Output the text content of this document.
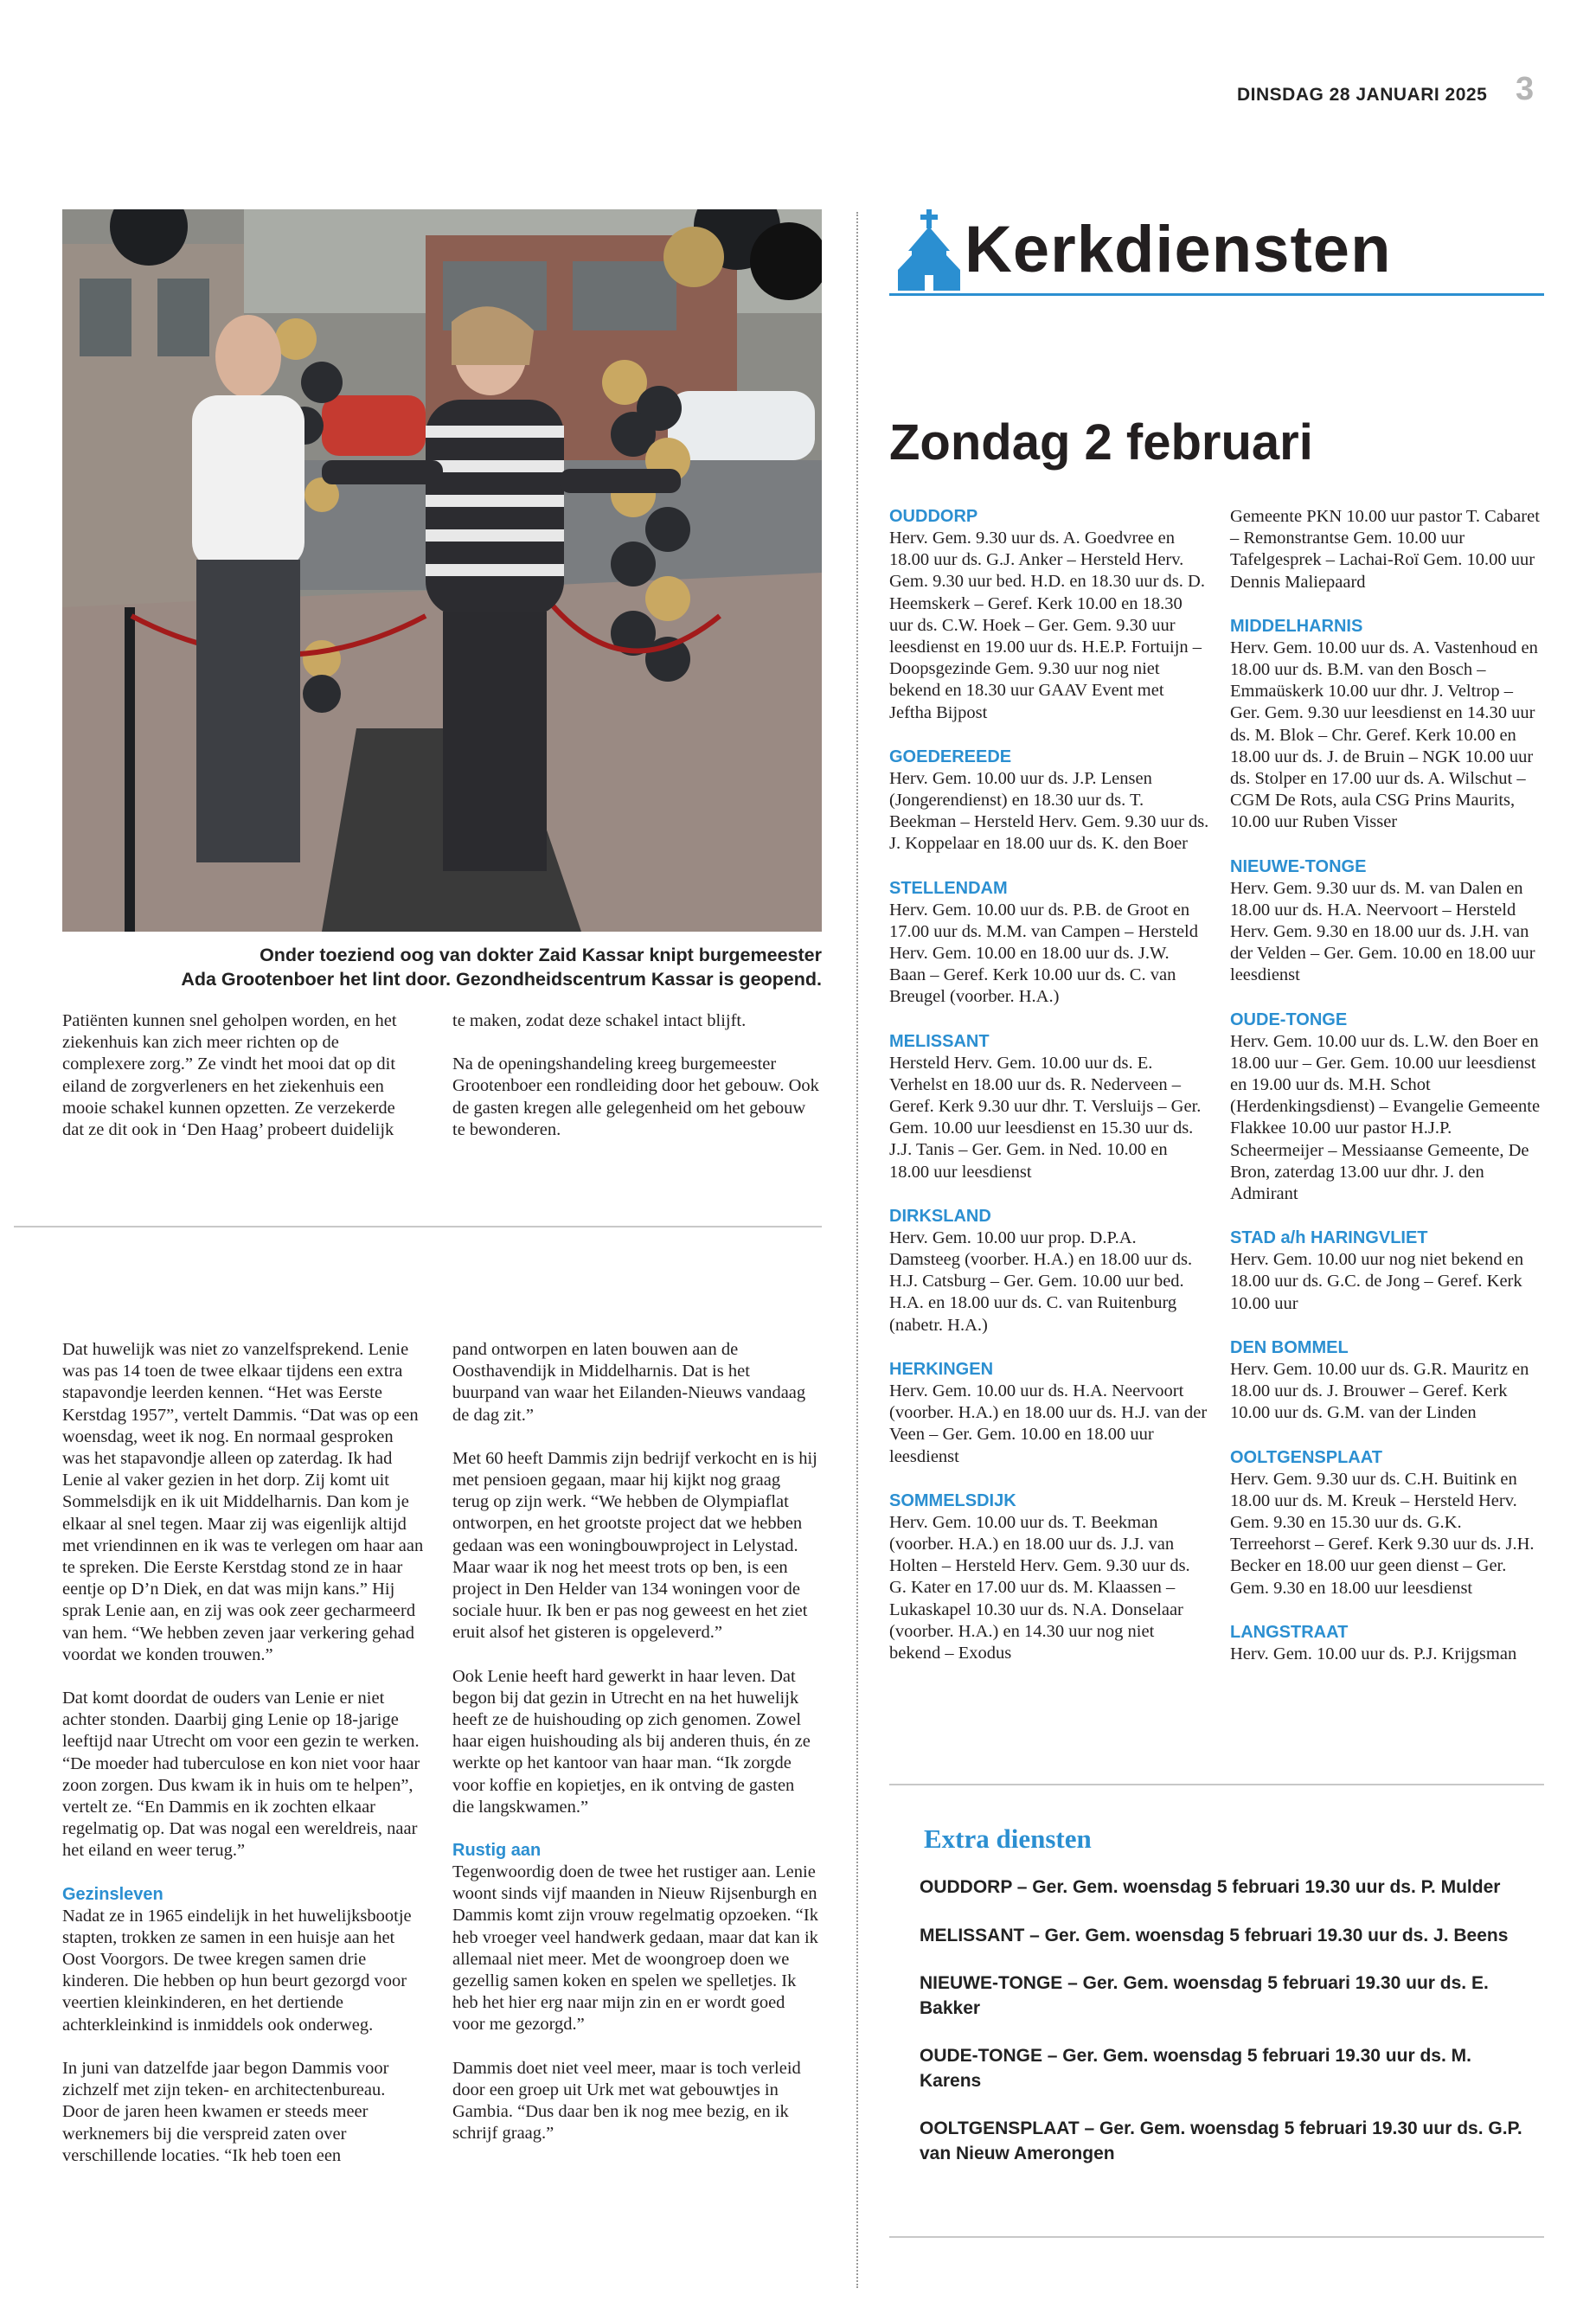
DINSDAG 28 JANUARI 2025 3
Onder toeziend oog van dokter Zaid Kassar knipt burgemeester
Ada Grootenboer het lint door. Gezondheidscentrum Kassar is geopend.

Patiënten kunnen snel geholpen worden, en het ziekenhuis kan zich meer richten op de complexere zorg.” Ze vindt het mooi dat op dit eiland de zorgverleners en het ziekenhuis een mooie schakel kunnen opzetten. Ze verzekerde dat ze dit ook in ‘Den Haag’ probeert duidelijk

te maken, zodat deze schakel intact blijft.

Na de openingshandeling kreeg burgemeester Grootenboer een rondleiding door het gebouw. Ook de gasten kregen alle gelegenheid om het gebouw te bewonderen.

Dat huwelijk was niet zo vanzelfsprekend. Lenie was pas 14 toen de twee elkaar tijdens een extra stapavondje leerden kennen. “Het was Eerste Kerstdag 1957”, vertelt Dammis. “Dat was op een woensdag, weet ik nog. En normaal gesproken was het stapavondje alleen op zaterdag. Ik had Lenie al vaker gezien in het dorp. Zij komt uit Sommelsdijk en ik uit Middelharnis. Dan kom je elkaar al snel tegen. Maar zij was eigenlijk altijd met vriendinnen en ik was te verlegen om haar aan te spreken. Die Eerste Kerstdag stond ze in haar eentje op D’n Diek, en dat was mijn kans.” Hij sprak Lenie aan, en zij was ook zeer gecharmeerd van hem. “We hebben zeven jaar verkering gehad voordat we konden trouwen.”

Dat komt doordat de ouders van Lenie er niet achter stonden. Daarbij ging Lenie op 18-jarige leeftijd naar Utrecht om voor een gezin te werken. “De moeder had tuberculose en kon niet voor haar zoon zorgen. Dus kwam ik in huis om te helpen”, vertelt ze. “En Dammis en ik zochten elkaar regelmatig op. Dat was nogal een wereldreis, naar het eiland en weer terug.”

Gezinsleven

Nadat ze in 1965 eindelijk in het huwelijksbootje stapten, trokken ze samen in een huisje aan het Oost Voorgors. De twee kregen samen drie kinderen. Die hebben op hun beurt gezorgd voor veertien kleinkinderen, en het dertiende achterkleinkind is inmiddels ook onderweg.

In juni van datzelfde jaar begon Dammis voor zichzelf met zijn teken- en architectenbureau. Door de jaren heen kwamen er steeds meer werknemers bij die verspreid zaten over verschillende locaties. “Ik heb toen een

pand ontworpen en laten bouwen aan de Oosthavendijk in Middelharnis. Dat is het buurpand van waar het Eilanden-Nieuws vandaag de dag zit.”

Met 60 heeft Dammis zijn bedrijf verkocht en is hij met pensioen gegaan, maar hij kijkt nog graag terug op zijn werk. “We hebben de Olympiaflat ontworpen, en het grootste project dat we hebben gedaan was een woningbouwproject in Lelystad. Maar waar ik nog het meest trots op ben, is een project in Den Helder van 134 woningen voor de sociale huur. Ik ben er pas nog geweest en het ziet eruit alsof het gisteren is opgeleverd.”

Ook Lenie heeft hard gewerkt in haar leven. Dat begon bij dat gezin in Utrecht en na het huwelijk heeft ze de huishouding op zich genomen. Zowel haar eigen huishouding als bij anderen thuis, én ze werkte op het kantoor van haar man. “Ik zorgde voor koffie en kopietjes, en ik ontving de gasten die langskwamen.”

Rustig aan

Tegenwoordig doen de twee het rustiger aan. Lenie woont sinds vijf maanden in Nieuw Rijsenburgh en Dammis komt zijn vrouw regelmatig opzoeken. “Ik heb vroeger veel handwerk gedaan, maar dat kan ik allemaal niet meer. Met de woongroep doen we gezellig samen koken en spelen we spelletjes. Ik heb het hier erg naar mijn zin en er wordt goed voor me gezorgd.”

Dammis doet niet veel meer, maar is toch verleid door een groep uit Urk met wat gebouwtjes in Gambia. “Dus daar ben ik nog mee bezig, en ik schrijf graag.”

Kerkdiensten
Zondag 2 februari
OUDDORP
Herv. Gem. 9.30 uur ds. A. Goedvree en 18.00 uur ds. G.J. Anker – Hersteld Herv. Gem. 9.30 uur bed. H.D. en 18.30 uur ds. D. Heemskerk – Geref. Kerk 10.00 en 18.30 uur ds. C.W. Hoek – Ger. Gem. 9.30 uur leesdienst en 19.00 uur ds. H.E.P. Fortuijn – Doopsgezinde Gem. 9.30 uur nog niet bekend en 18.30 uur GAAV Event met Jeftha Bijpost
GOEDEREEDE
Herv. Gem. 10.00 uur ds. J.P. Lensen (Jongerendienst) en 18.30 uur ds. T. Beekman – Hersteld Herv. Gem. 9.30 uur ds. J. Koppelaar en 18.00 uur ds. K. den Boer
STELLENDAM
Herv. Gem. 10.00 uur ds. P.B. de Groot en 17.00 uur ds. M.M. van Campen – Hersteld Herv. Gem. 10.00 en 18.00 uur ds. J.W. Baan – Geref. Kerk 10.00 uur ds. C. van Breugel (voorber. H.A.)
MELISSANT
Hersteld Herv. Gem. 10.00 uur ds. E. Verhelst en 18.00 uur ds. R. Nederveen – Geref. Kerk 9.30 uur dhr. T. Versluijs – Ger. Gem. 10.00 uur leesdienst en 15.30 uur ds. J.J. Tanis – Ger. Gem. in Ned. 10.00 en 18.00 uur leesdienst
DIRKSLAND
Herv. Gem. 10.00 uur prop. D.P.A. Damsteeg (voorber. H.A.) en 18.00 uur ds. H.J. Catsburg – Ger. Gem. 10.00 uur bed. H.A. en 18.00 uur ds. C. van Ruitenburg (nabetr. H.A.)
HERKINGEN
Herv. Gem. 10.00 uur ds. H.A. Neervoort (voorber. H.A.) en 18.00 uur ds. H.J. van der Veen – Ger. Gem. 10.00 en 18.00 uur leesdienst
SOMMELSDIJK
Herv. Gem. 10.00 uur ds. T. Beekman (voorber. H.A.) en 18.00 uur ds. J.J. van Holten – Hersteld Herv. Gem. 9.30 uur ds. G. Kater en 17.00 uur ds. M. Klaassen – Lukaskapel 10.30 uur ds. N.A. Donselaar (voorber. H.A.) en 14.30 uur nog niet bekend – Exodus
Gemeente PKN 10.00 uur pastor T. Cabaret – Remonstrantse Gem. 10.00 uur Tafelgesprek – Lachai-Roï Gem. 10.00 uur Dennis Maliepaard
MIDDELHARNIS
Herv. Gem. 10.00 uur ds. A. Vastenhoud en 18.00 uur ds. B.M. van den Bosch – Emmaüskerk 10.00 uur dhr. J. Veltrop – Ger. Gem. 9.30 uur leesdienst en 14.30 uur ds. M. Blok – Chr. Geref. Kerk 10.00 en 18.00 uur ds. J. de Bruin – NGK 10.00 uur ds. Stolper en 17.00 uur ds. A. Wilschut – CGM De Rots, aula CSG Prins Maurits, 10.00 uur Ruben Visser
NIEUWE-TONGE
Herv. Gem. 9.30 uur ds. M. van Dalen en 18.00 uur ds. H.A. Neervoort – Hersteld Herv. Gem. 9.30 en 18.00 uur ds. J.H. van der Velden – Ger. Gem. 10.00 en 18.00 uur leesdienst
OUDE-TONGE
Herv. Gem. 10.00 uur ds. L.W. den Boer en 18.00 uur – Ger. Gem. 10.00 uur leesdienst en 19.00 uur ds. M.H. Schot (Herdenkingsdienst) – Evangelie Gemeente Flakkee 10.00 uur pastor H.J.P. Scheermeijer – Messiaanse Gemeente, De Bron, zaterdag 13.00 uur dhr. J. den Admirant
STAD a/h HARINGVLIET
Herv. Gem. 10.00 uur nog niet bekend en 18.00 uur ds. G.C. de Jong – Geref. Kerk 10.00 uur
DEN BOMMEL
Herv. Gem. 10.00 uur ds. G.R. Mauritz en 18.00 uur ds. J. Brouwer – Geref. Kerk 10.00 uur ds. G.M. van der Linden
OOLTGENSPLAAT
Herv. Gem. 9.30 uur ds. C.H. Buitink en 18.00 uur ds. M. Kreuk – Hersteld Herv. Gem. 9.30 en 15.30 uur ds. G.K. Terreehorst – Geref. Kerk 9.30 uur ds. J.H. Becker en 18.00 uur geen dienst – Ger. Gem. 9.30 en 18.00 uur leesdienst
LANGSTRAAT
Herv. Gem. 10.00 uur ds. P.J. Krijgsman
Extra diensten
OUDDORP – Ger. Gem. woensdag 5 februari 19.30 uur ds. P. Mulder
MELISSANT – Ger. Gem. woensdag 5 februari 19.30 uur ds. J. Beens
NIEUWE-TONGE – Ger. Gem. woensdag 5 februari 19.30 uur ds. E. Bakker
OUDE-TONGE – Ger. Gem. woensdag 5 februari 19.30 uur ds. M. Karens
OOLTGENSPLAAT – Ger. Gem. woensdag 5 februari 19.30 uur ds. G.P. van Nieuw Amerongen
